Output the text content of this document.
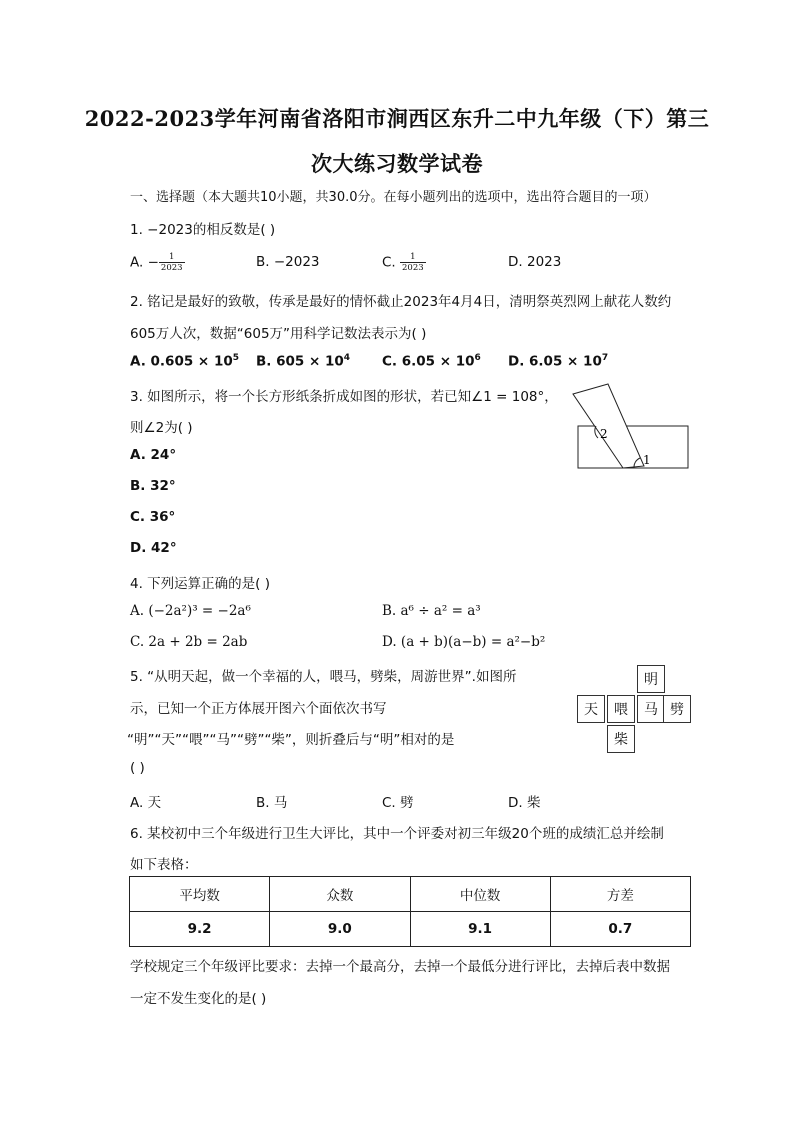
2022-2023学年河南省洛阳市涧西区东升二中九年级（下）第三
次大练习数学试卷
一、选择题（本大题共10小题，共30.0分。在每小题列出的选项中，选出符合题目的一项）
1. −2023的相反数是( )
A. − $\frac{1}{2023}$	B. −2023	C. $\frac{1}{2023}$	D. 2023
2. 铭记是最好的致敬，传承是最好的情怀截止2023年4月4日，清明祭英烈网上献花人数约
605万人次，数据“605万”用科学记数法表示为( )
A. $0.605 \times 10^5$ B. $605 \times 10^4$ C. $6.05 \times 10^6$ D. $6.05 \times 10^7$
3. 如图所示，将一个长方形纸条折成如图的形状，若已知∠1 = 108°，
则∠2为( )
A. 24°
B. 32°
C. 36°
D. 42°
1
2
4. 下列运算正确的是( )
A. (−2a²)³ = −2a⁶	B. a⁶ ÷ a² = a³
C. 2a + 2b = 2ab	D. (a + b)(a−b) = a²−b²
5. “从明天起，做一个幸福的人，喂马，劈柴，周游世界”.如图所
示，已知一个正方体展开图六个面依次书写
“明”“天”“喂”“马”“劈”“柴”，则折叠后与“明”相对的是
( )
A. 天	B. 马	C. 劈	D. 柴
明
天	喂	马 劈
柴
6. 某校初中三个年级进行卫生大评比，其中一个评委对初三年级20个班的成绩汇总并绘制
如下表格：
平均数	众数	中位数	方差
9.2	9.0	9.1	0.7
学校规定三个年级评比要求：去掉一个最高分，去掉一个最低分进行评比，去掉后表中数据
一定不发生变化的是( )
